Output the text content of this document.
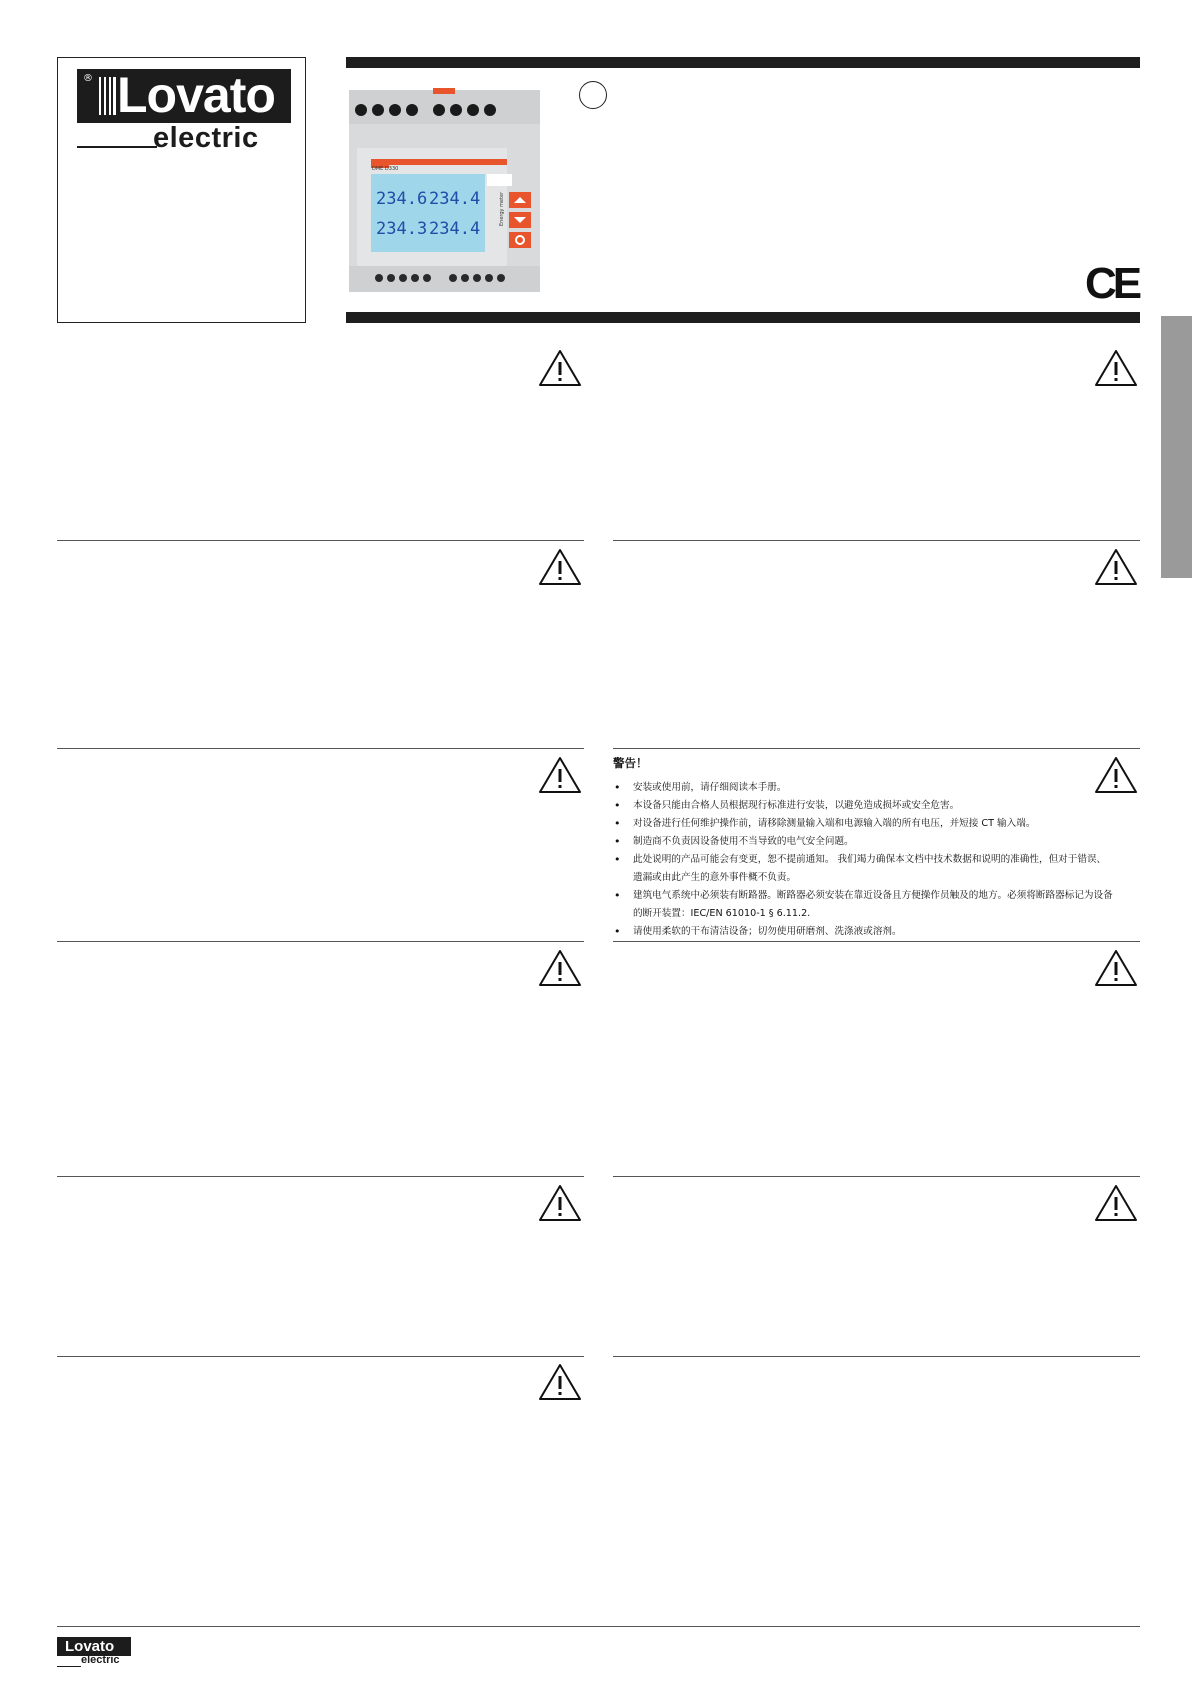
® Lovato
electric
234.6 234.4
234.3 234.4
DME D330
Energy meter
CE
警告！
• 安装或使用前，请仔细阅读本手册。
• 本设备只能由合格人员根据现行标准进行安装，以避免造成损坏或安全危害。
• 对设备进行任何维护操作前，请移除测量输入端和电源输入端的所有电压，并短接 CT 输入端。
• 制造商不负责因设备使用不当导致的电气安全问题。
• 此处说明的产品可能会有变更，恕不提前通知。 我们竭力确保本文档中技术数据和说明的准确性，但对于错误、遗漏或由此产生的意外事件概不负责。
• 建筑电气系统中必须装有断路器。断路器必须安装在靠近设备且方便操作员触及的地方。必须将断路器标记为设备的断开装置：IEC/EN 61010-1 § 6.11.2.
• 请使用柔软的干布清洁设备；切勿使用研磨剂、洗涤液或溶剂。
Lovato
electric
